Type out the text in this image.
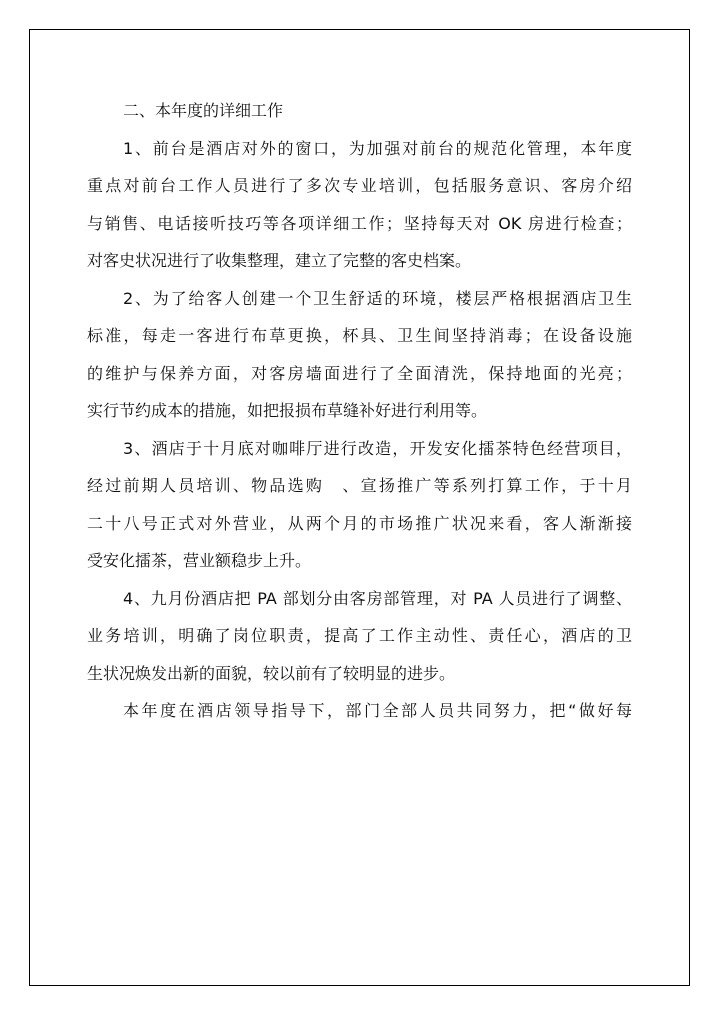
二、本年度的详细工作
1、前台是酒店对外的窗口，为加强对前台的规范化管理，本年度
重点对前台工作人员进行了多次专业培训，包括服务意识、客房介绍
与销售、电话接听技巧等各项详细工作；坚持每天对 OK 房进行检查；
对客史状况进行了收集整理，建立了完整的客史档案。
2、为了给客人创建一个卫生舒适的环境，楼层严格根据酒店卫生
标准，每走一客进行布草更换，杯具、卫生间坚持消毒；在设备设施
的维护与保养方面，对客房墙面进行了全面清洗，保持地面的光亮；
实行节约成本的措施，如把报损布草缝补好进行利用等。
3、酒店于十月底对咖啡厅进行改造，开发安化擂茶特色经营项目，
经过前期人员培训、物品选购　、宣扬推广等系列打算工作，于十月
二十八号正式对外营业，从两个月的市场推广状况来看，客人渐渐接
受安化擂茶，营业额稳步上升。
4、九月份酒店把 PA 部划分由客房部管理，对 PA 人员进行了调整、
业务培训，明确了岗位职责，提高了工作主动性、责任心，酒店的卫
生状况焕发出新的面貌，较以前有了较明显的进步。
本年度在酒店领导指导下，部门全部人员共同努力，把“做好每
